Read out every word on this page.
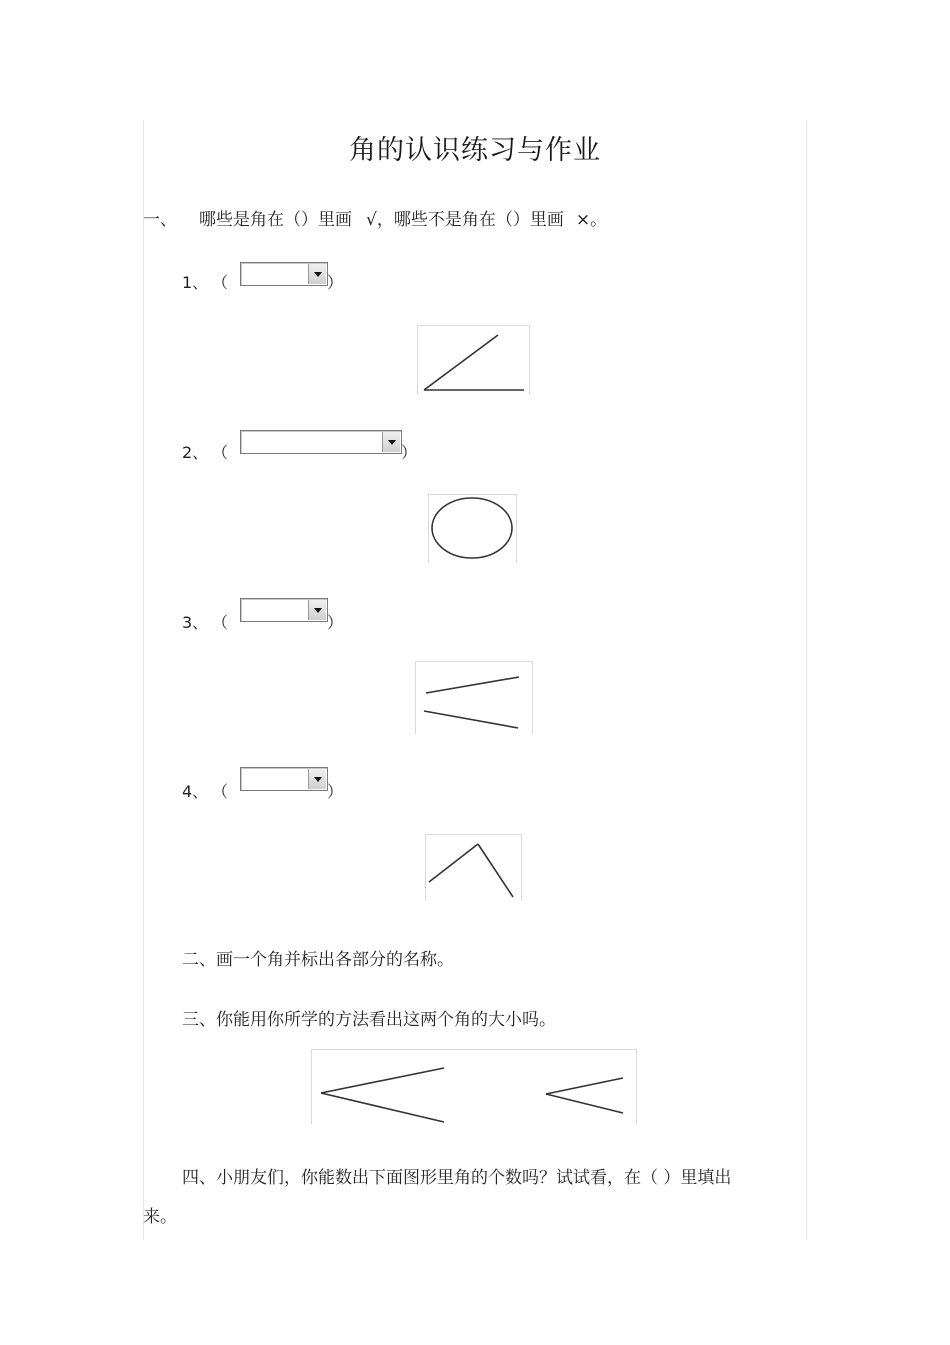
角的认识练习与作业
一、 哪些是角在（）里画 √，哪些不是角在（）里画 ×。
1、 （	）
2、 （	）
3、 （	）
4、 （	）
二、画一个角并标出各部分的名称。
三、你能用你所学的方法看出这两个角的大小吗。
四、小朋友们，你能数出下面图形里角的个数吗？试试看，在（ ）里填出
来。
